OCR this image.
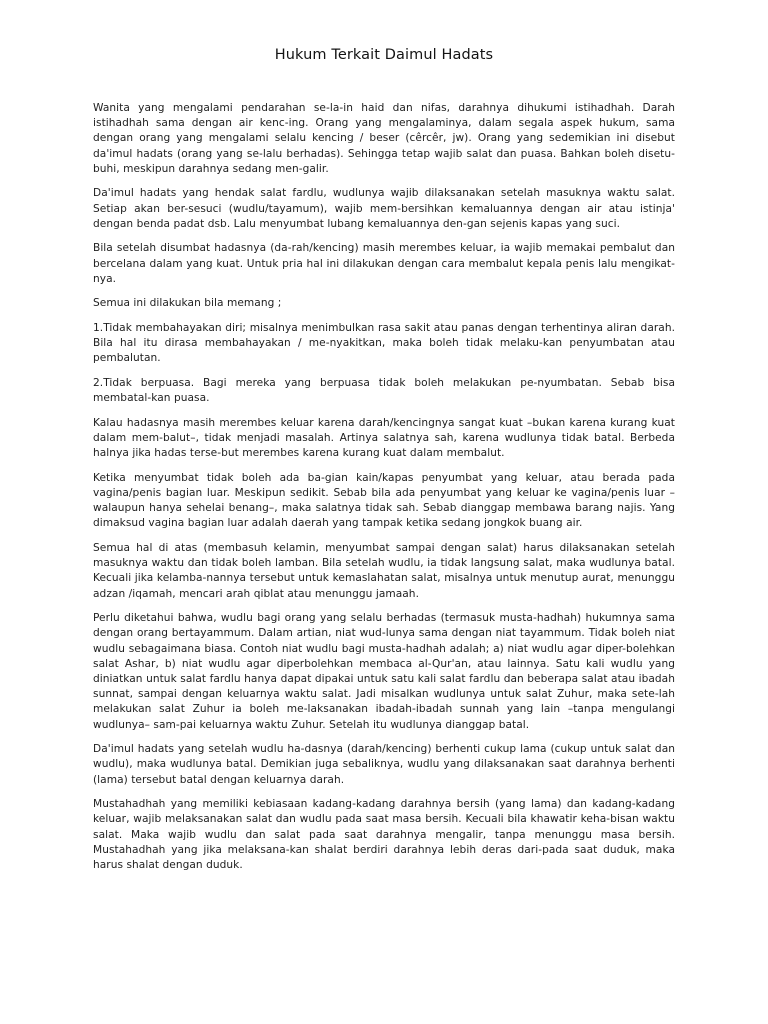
Hukum Terkait Daimul Hadats

Wanita yang mengalami pendarahan se-la-in haid dan nifas, darahnya dihukumi istihadhah. Darah istihadhah sama dengan air kenc-ing. Orang yang mengalaminya, dalam segala aspek hukum, sama dengan orang yang mengalami selalu kencing / beser (cêrcêr, jw). Orang yang sedemikian ini disebut da'imul hadats (orang yang se-lalu berhadas). Sehingga tetap wajib salat dan puasa. Bahkan boleh disetu-buhi, meskipun darahnya sedang men-galir.

Da'imul hadats yang hendak salat fardlu, wudlunya wajib dilaksanakan setelah masuknya waktu salat. Setiap akan ber-sesuci (wudlu/tayamum), wajib mem-bersihkan kemaluannya dengan air atau istinja' dengan benda padat dsb. Lalu menyumbat lubang kemaluannya den-gan sejenis kapas yang suci.

Bila setelah disumbat hadasnya (da-rah/kencing) masih merembes keluar, ia wajib memakai pembalut dan bercelana dalam yang kuat. Untuk pria hal ini dilakukan dengan cara membalut kepala penis lalu mengikat-nya.

Semua ini dilakukan bila memang ;

1.Tidak membahayakan diri; misalnya menimbulkan rasa sakit atau panas dengan terhentinya aliran darah. Bila hal itu dirasa membahayakan / me-nyakitkan, maka boleh tidak melaku-kan penyumbatan atau pembalutan.

2.Tidak berpuasa. Bagi mereka yang berpuasa tidak boleh melakukan pe-nyumbatan. Sebab bisa membatal-kan puasa.

Kalau hadasnya masih merembes keluar karena darah/kencingnya sangat kuat –bukan karena kurang kuat dalam mem-balut–, tidak menjadi masalah. Artinya salatnya sah, karena wudlunya tidak batal. Berbeda halnya jika hadas terse-but merembes karena kurang kuat dalam membalut.

Ketika menyumbat tidak boleh ada ba-gian kain/kapas penyumbat yang keluar, atau berada pada vagina/penis bagian luar. Meskipun sedikit. Sebab bila ada penyumbat yang keluar ke vagina/penis luar –walaupun hanya sehelai benang–, maka salatnya tidak sah. Sebab dianggap membawa barang najis. Yang dimaksud vagina bagian luar adalah daerah yang tampak ketika sedang jongkok buang air.

Semua hal di atas (membasuh kelamin, menyumbat sampai dengan salat) harus dilaksanakan setelah masuknya waktu dan tidak boleh lamban. Bila setelah wudlu, ia tidak langsung salat, maka wudlunya batal. Kecuali jika kelamba-nannya tersebut untuk kemaslahatan salat, misalnya untuk menutup aurat, menunggu adzan /iqamah, mencari arah qiblat atau menunggu jamaah.

Perlu diketahui bahwa, wudlu bagi orang yang selalu berhadas (termasuk musta-hadhah) hukumnya sama dengan orang bertayammum. Dalam artian, niat wud-lunya sama dengan niat tayammum. Tidak boleh niat wudlu sebagaimana biasa. Contoh niat wudlu bagi musta-hadhah adalah; a) niat wudlu agar diper-bolehkan salat Ashar, b) niat wudlu agar diperbolehkan membaca al-Qur'an, atau lainnya. Satu kali wudlu yang diniatkan untuk salat fardlu hanya dapat dipakai untuk satu kali salat fardlu dan beberapa salat atau ibadah sunnat, sampai dengan keluarnya waktu salat. Jadi misalkan wudlunya untuk salat Zuhur, maka sete-lah melakukan salat Zuhur ia boleh me-laksanakan ibadah-ibadah sunnah yang lain –tanpa mengulangi wudlunya– sam-pai keluarnya waktu Zuhur. Setelah itu wudlunya dianggap batal.

Da'imul hadats yang setelah wudlu ha-dasnya (darah/kencing) berhenti cukup lama (cukup untuk salat dan wudlu), maka wudlunya batal. Demikian juga sebaliknya, wudlu yang dilaksanakan saat darahnya berhenti (lama) tersebut batal dengan keluarnya darah.

Mustahadhah yang memiliki kebiasaan kadang-kadang darahnya bersih (yang lama) dan kadang-kadang keluar, wajib melaksanakan salat dan wudlu pada saat masa bersih. Kecuali bila khawatir keha-bisan waktu salat. Maka wajib wudlu dan salat pada saat darahnya mengalir, tanpa menunggu masa bersih. Mustahadhah yang jika melaksana-kan shalat berdiri darahnya lebih deras dari-pada saat duduk, maka harus shalat dengan duduk.
